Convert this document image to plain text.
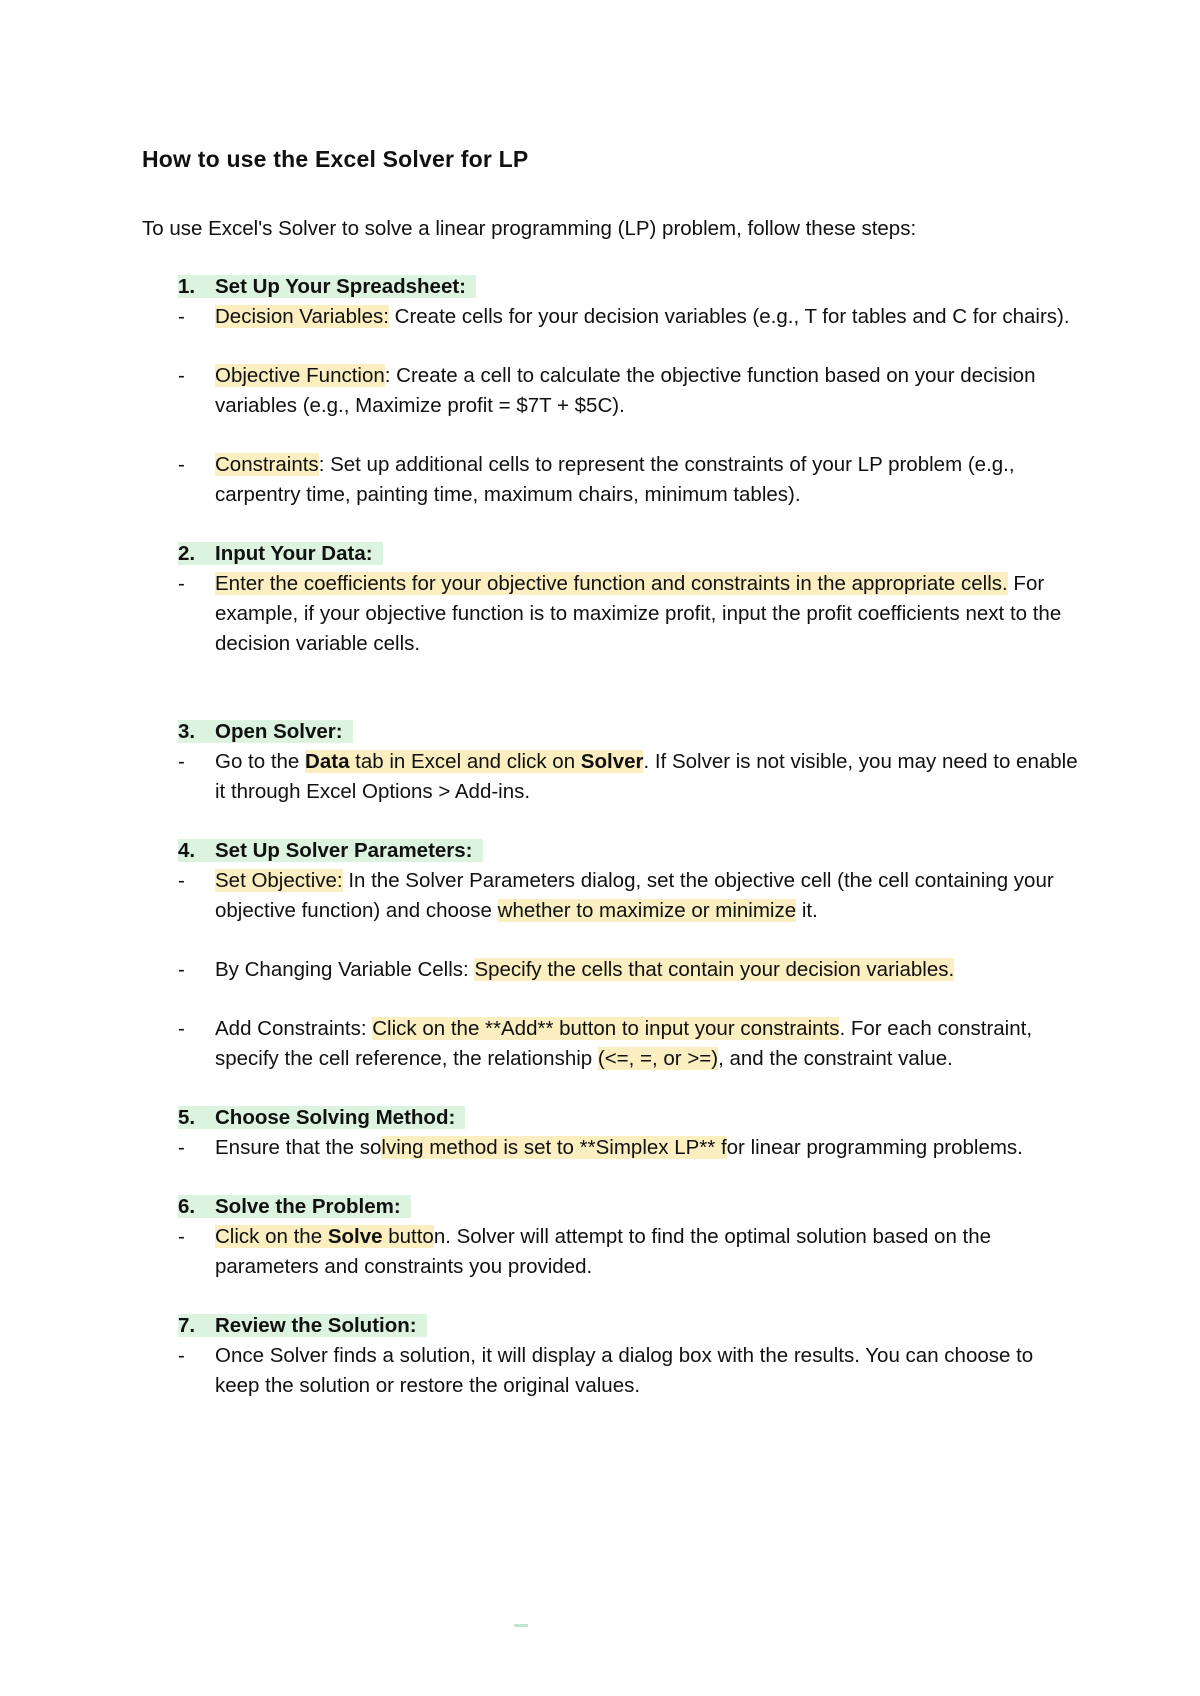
How to use the Excel Solver for LP

To use Excel's Solver to solve a linear programming (LP) problem, follow these steps:

1. Set Up Your Spreadsheet:

- Decision Variables: Create cells for your decision variables (e.g., T for tables and C for chairs).

- Objective Function: Create a cell to calculate the objective function based on your decision variables (e.g., Maximize profit = $7T + $5C).

- Constraints: Set up additional cells to represent the constraints of your LP problem (e.g., carpentry time, painting time, maximum chairs, minimum tables).

2. Input Your Data:

- Enter the coefficients for your objective function and constraints in the appropriate cells. For example, if your objective function is to maximize profit, input the profit coefficients next to the decision variable cells.

3. Open Solver:

- Go to the Data tab in Excel and click on Solver. If Solver is not visible, you may need to enable it through Excel Options > Add-ins.

4. Set Up Solver Parameters:

- Set Objective: In the Solver Parameters dialog, set the objective cell (the cell containing your objective function) and choose whether to maximize or minimize it.

- By Changing Variable Cells: Specify the cells that contain your decision variables.

- Add Constraints: Click on the **Add** button to input your constraints. For each constraint, specify the cell reference, the relationship (<=, =, or >=), and the constraint value.

5. Choose Solving Method:

- Ensure that the solving method is set to **Simplex LP** for linear programming problems.

6. Solve the Problem:

- Click on the Solve button. Solver will attempt to find the optimal solution based on the parameters and constraints you provided.

7. Review the Solution:

- Once Solver finds a solution, it will display a dialog box with the results. You can choose to keep the solution or restore the original values.
